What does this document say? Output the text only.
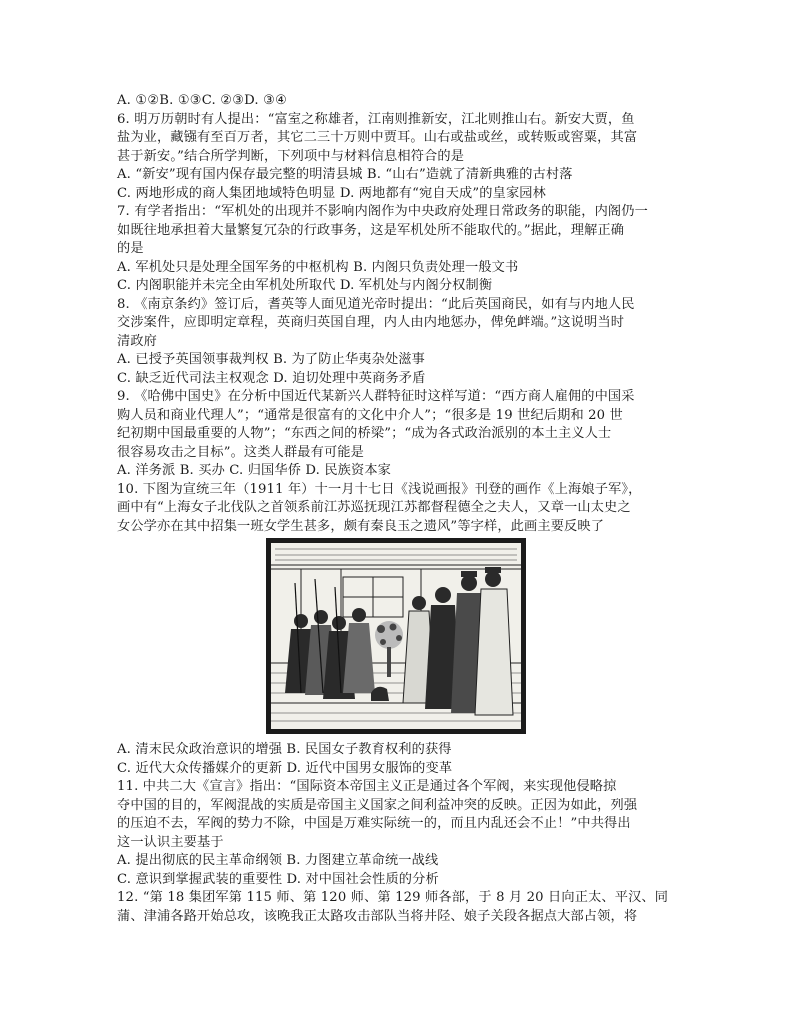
A. ①②B. ①③C. ②③D. ③④
6. 明万历朝时有人提出：“富室之称雄者，江南则推新安，江北则推山右。新安大贾，鱼
盐为业，藏镪有至百万者，其它二三十万则中贾耳。山右或盐或丝，或转贩或窖粟，其富
甚于新安。”结合所学判断，下列项中与材料信息相符合的是
A. “新安”现有国内保存最完整的明清县城 B. “山右”造就了清新典雅的古村落
C. 两地形成的商人集团地域特色明显 D. 两地都有“宛自天成”的皇家园林
7. 有学者指出：“军机处的出现并不影响内阁作为中央政府处理日常政务的职能，内阁仍一
如既往地承担着大量繁复冗杂的行政事务，这是军机处所不能取代的。”据此，理解正确
的是
A. 军机处只是处理全国军务的中枢机构 B. 内阁只负责处理一般文书
C. 内阁职能并未完全由军机处所取代 D. 军机处与内阁分权制衡
8. 《南京条约》签订后，耆英等人面见道光帝时提出：“此后英国商民，如有与内地人民
交涉案件，应即明定章程，英商归英国自理，内人由内地惩办，俾免衅端。”这说明当时
清政府
A. 已授予英国领事裁判权 B. 为了防止华夷杂处滋事
C. 缺乏近代司法主权观念 D. 迫切处理中英商务矛盾
9. 《哈佛中国史》在分析中国近代某新兴人群特征时这样写道：“西方商人雇佣的中国采
购人员和商业代理人”；“通常是很富有的文化中介人”；“很多是 19 世纪后期和 20 世
纪初期中国最重要的人物”；“东西之间的桥梁”；“成为各式政治派别的本土主义人士
很容易攻击之目标”。这类人群最有可能是
A. 洋务派 B. 买办 C. 归国华侨 D. 民族资本家
10. 下图为宣统三年（1911 年）十一月十七日《浅说画报》刊登的画作《上海娘子军》，
画中有“上海女子北伐队之首领系前江苏巡抚现江苏都督程德全之夫人，又章一山太史之
女公学亦在其中招集一班女学生甚多，颇有秦良玉之遗风”等字样，此画主要反映了
A. 清末民众政治意识的增强 B. 民国女子教育权利的获得
C. 近代大众传播媒介的更新 D. 近代中国男女服饰的变革
11. 中共二大《宣言》指出：“国际资本帝国主义正是通过各个军阀，来实现他侵略掠
夺中国的目的，军阀混战的实质是帝国主义国家之间利益冲突的反映。正因为如此，列强
的压迫不去，军阀的势力不除，中国是万难实际统一的，而且内乱还会不止！”中共得出
这一认识主要基于
A. 提出彻底的民主革命纲领 B. 力图建立革命统一战线
C. 意识到掌握武装的重要性 D. 对中国社会性质的分析
12. “第 18 集团军第 115 师、第 120 师、第 129 师各部，于 8 月 20 日向正太、平汉、同
蒲、津浦各路开始总攻，该晚我正太路攻击部队当将井陉、娘子关段各据点大部占领，将
